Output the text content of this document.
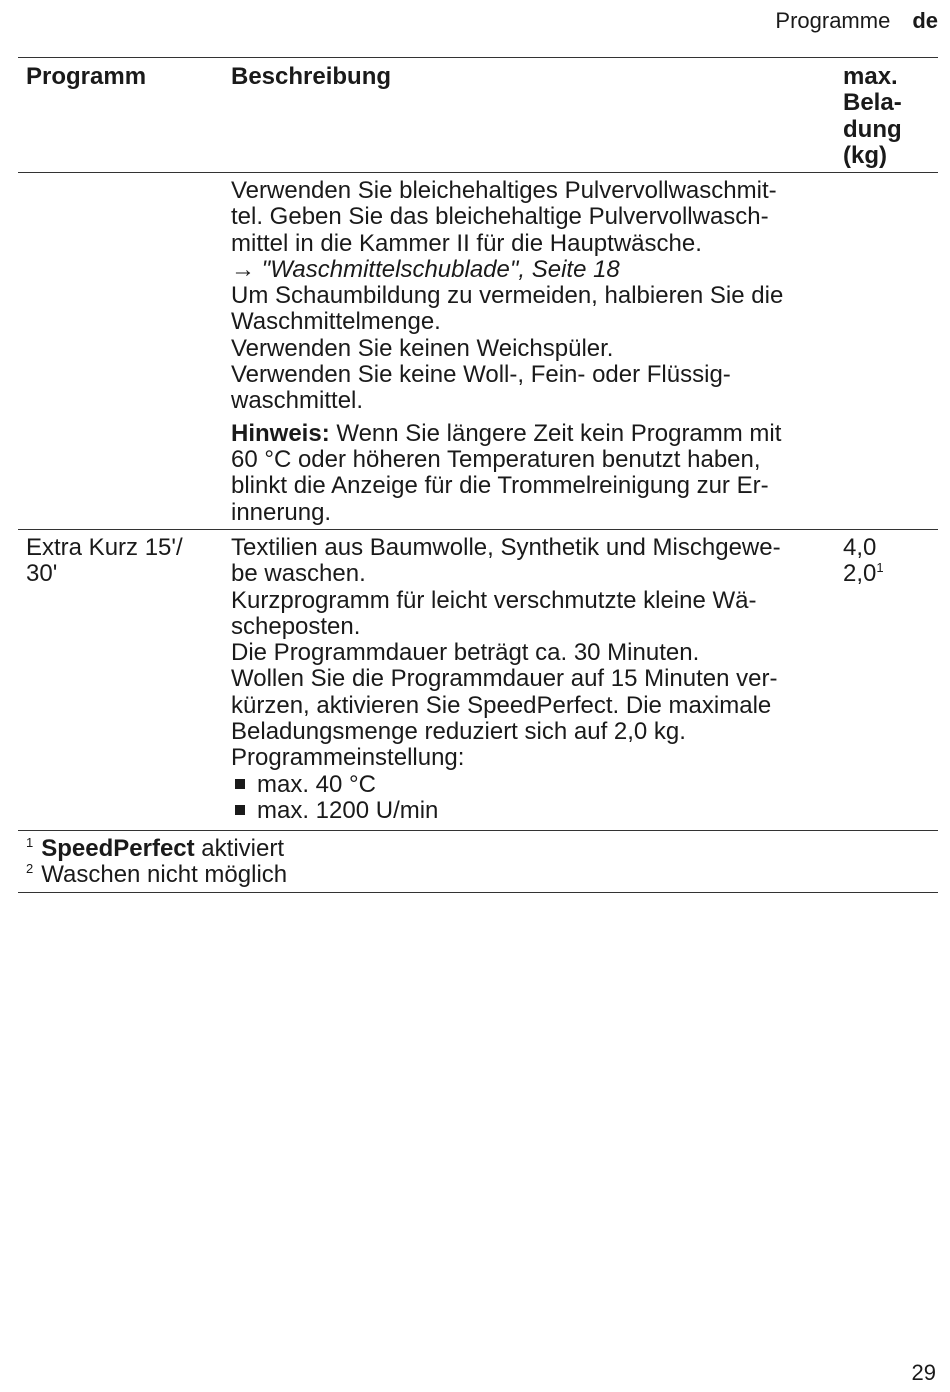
Programme de
Programm	Beschreibung	max.
Bela-
dung
(kg)
Verwenden Sie bleichehaltiges Pulvervollwaschmit-
tel. Geben Sie das bleichehaltige Pulvervollwasch-
mittel in die Kammer II für die Hauptwäsche.
→ "Waschmittelschublade", Seite 18
Um Schaumbildung zu vermeiden, halbieren Sie die
Waschmittelmenge.
Verwenden Sie keinen Weichspüler.
Verwenden Sie keine Woll-, Fein- oder Flüssig-
waschmittel.
Hinweis: Wenn Sie längere Zeit kein Programm mit
60 °C oder höheren Temperaturen benutzt haben,
blinkt die Anzeige für die Trommelreinigung zur Er-
innerung.
Extra Kurz 15'/
30'
Textilien aus Baumwolle, Synthetik und Mischgewe-
be waschen.
Kurzprogramm für leicht verschmutzte kleine Wä-
scheposten.
Die Programmdauer beträgt ca. 30 Minuten.
Wollen Sie die Programmdauer auf 15 Minuten ver-
kürzen, aktivieren Sie SpeedPerfect. Die maximale
Beladungsmenge reduziert sich auf 2,0 kg.
Programmeinstellung:
max. 40 °C
max. 1200 U/min
4,0
$2,0^1$
$^1$ SpeedPerfect aktiviert
$^2$ Waschen nicht möglich
29
